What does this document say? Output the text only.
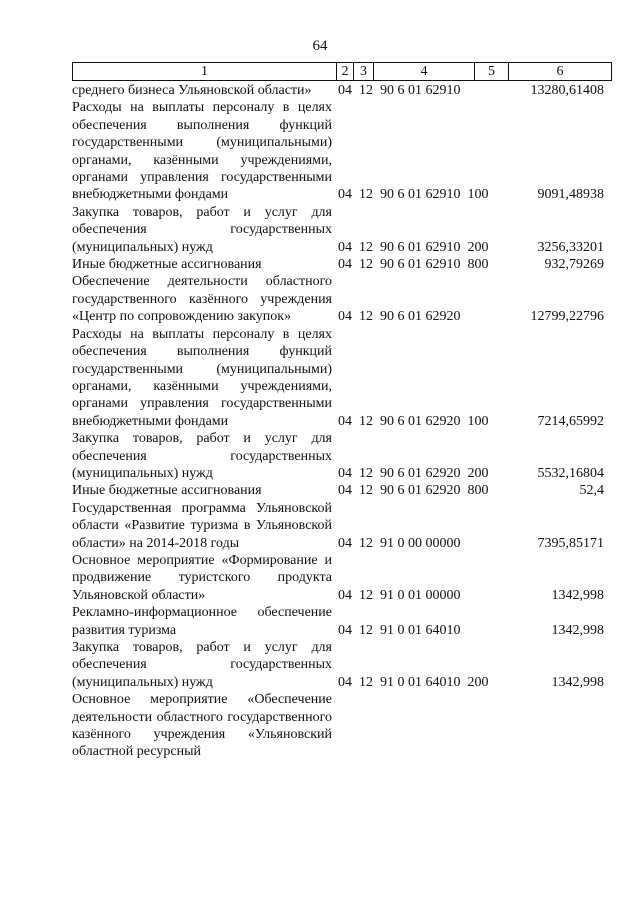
64
1	2 3	4	5	6
среднего бизнеса Ульяновской области»	04  12  90 6 01 62910	13280,61408
Расходы на выплаты персоналу в целях обеспечения выполнения функций государственными (муниципальными) органами, казёнными учреждениями, органами управления государственными внебюджетными фондами	04  12  90 6 01 62910  100	9091,48938
Закупка товаров, работ и услуг для обеспечения государственных (муниципальных) нужд	04  12  90 6 01 62910  200	3256,33201
Иные бюджетные ассигнования	04  12  90 6 01 62910  800	932,79269
Обеспечение деятельности областного государственного казённого учреждения «Центр по сопровождению закупок»	04  12  90 6 01 62920	12799,22796
Расходы на выплаты персоналу в целях обеспечения выполнения функций государственными (муниципальными) органами, казёнными учреждениями, органами управления государственными внебюджетными фондами	04  12  90 6 01 62920  100	7214,65992
Закупка товаров, работ и услуг для обеспечения государственных (муниципальных) нужд	04  12  90 6 01 62920  200	5532,16804
Иные бюджетные ассигнования	04  12  90 6 01 62920  800	52,4
Государственная программа Ульяновской области «Развитие туризма в Ульяновской области» на 2014-2018 годы	04  12  91 0 00 00000	7395,85171
Основное мероприятие «Формирование и продвижение туристского продукта Ульяновской области»	04  12  91 0 01 00000	1342,998
Рекламно-информационное обеспечение развития туризма	04  12  91 0 01 64010	1342,998
Закупка товаров, работ и услуг для обеспечения государственных (муниципальных) нужд	04  12  91 0 01 64010  200	1342,998
Основное мероприятие «Обеспечение деятельности областного государственного казённого учреждения «Ульяновский областной ресурсный
